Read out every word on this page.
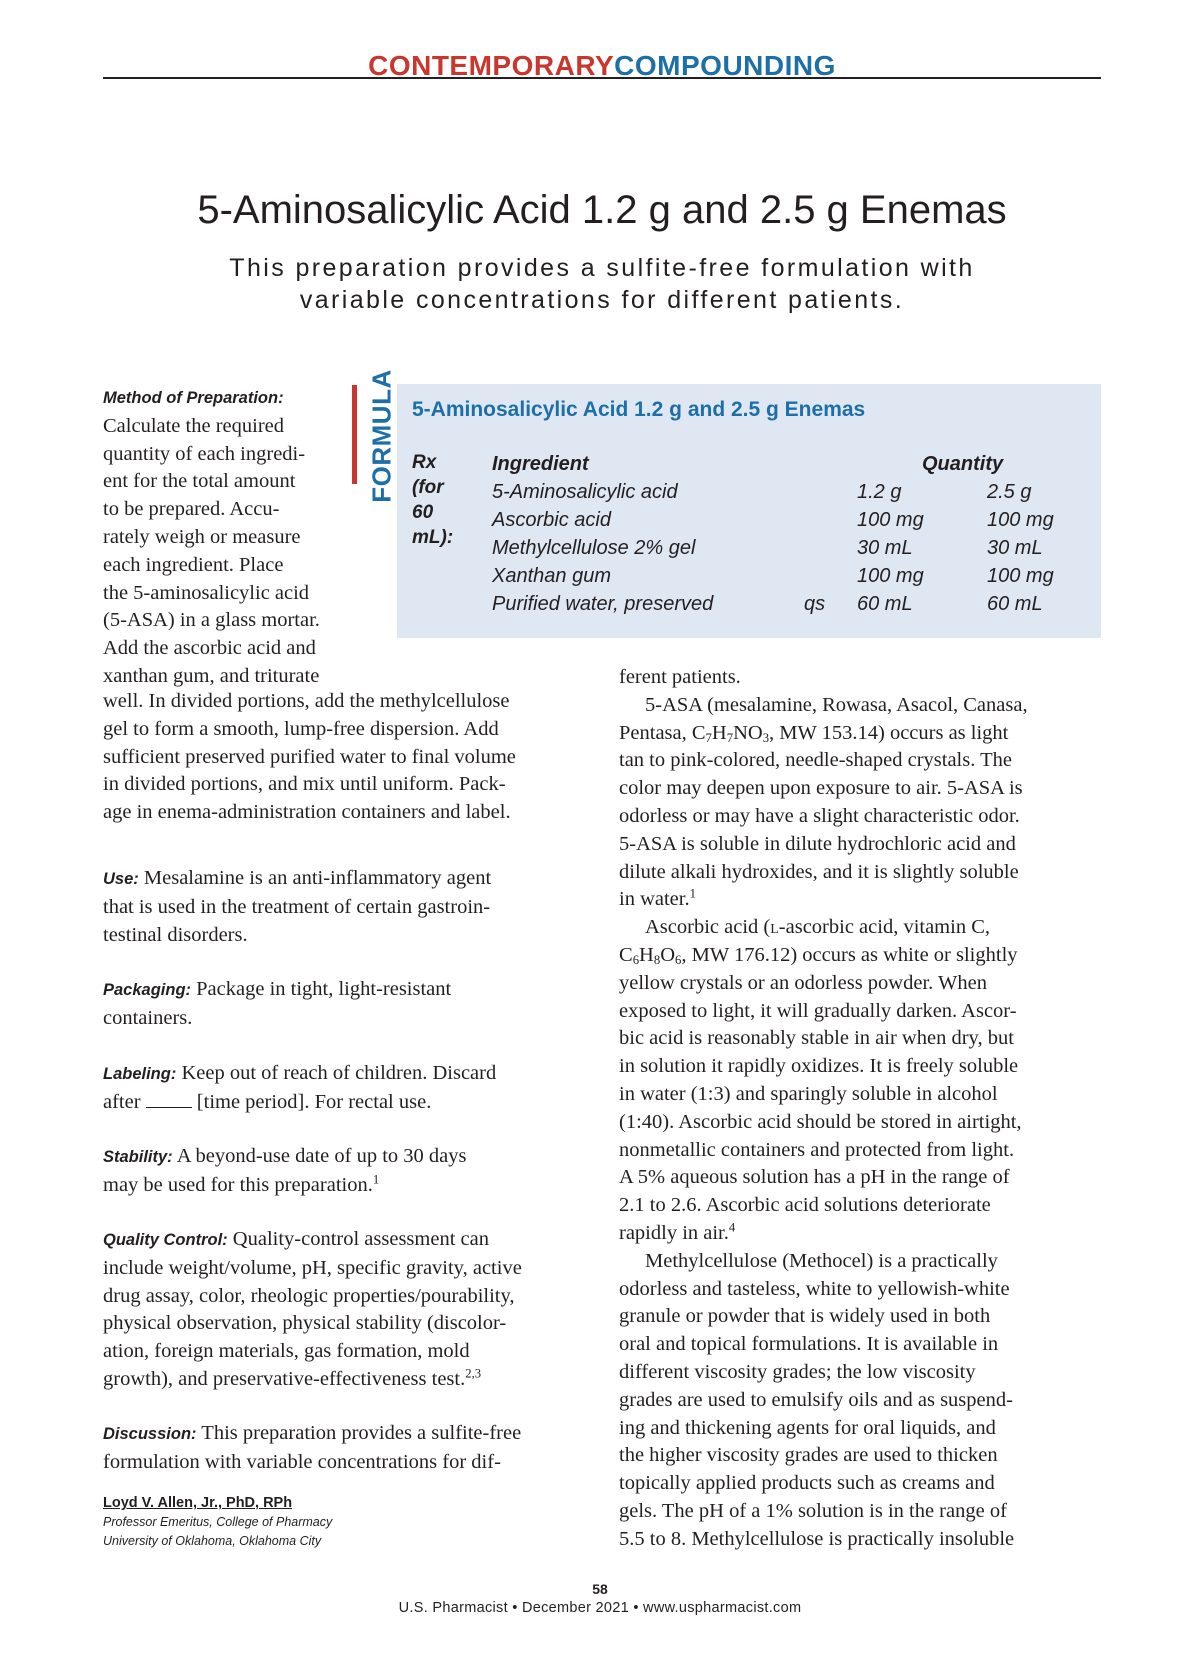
CONTEMPORARYCOMPOUNDING
5-Aminosalicylic Acid 1.2 g and 2.5 g Enemas
This preparation provides a sulfite-free formulation with
variable concentrations for different patients.
FORMULA 5-Aminosalicylic Acid 1.2 g and 2.5 g Enemas
Rx
(for
60
mL):
Ingredient	Quantity
5-Aminosalicylic acid	1.2 g	2.5 g
Ascorbic acid	100 mg	100 mg
Methylcellulose 2% gel	30 mL	30 mL
Xanthan gum	100 mg	100 mg
Purified water, preserved	qs 60 mL	60 mL
Method of Preparation:
Calculate the required
quantity of each ingredi-
ent for the total amount
to be prepared. Accu-
rately weigh or measure
each ingredient. Place
the 5-aminosalicylic acid
(5-ASA) in a glass mortar.
Add the ascorbic acid and
xanthan gum, and triturate
well. In divided portions, add the methylcellulose
gel to form a smooth, lump-free dispersion. Add
sufficient preserved purified water to final volume
in divided portions, and mix until uniform. Pack-
age in enema-administration containers and label.
Use: Mesalamine is an anti-inflammatory agent
that is used in the treatment of certain gastroin-
testinal disorders.
Packaging: Package in tight, light-resistant
containers.
Labeling: Keep out of reach of children. Discard
after	[time period]. For rectal use.
Stability: A beyond-use date of up to 30 days
may be used for this preparation.$^1$
Quality Control: Quality-control assessment can
include weight/volume, pH, specific gravity, active
drug assay, color, rheologic properties/pourability,
physical observation, physical stability (discolor-
ation, foreign materials, gas formation, mold
growth), and preservative-effectiveness test.$^{2,3}$
Discussion: This preparation provides a sulfite-free
formulation with variable concentrations for dif-
Loyd V. Allen, Jr., PhD, RPh
Professor Emeritus, College of Pharmacy
University of Oklahoma, Oklahoma City

ferent patients.

5-ASA (mesalamine, Rowasa, Asacol, Canasa,

Pentasa, $C_7H_7NO_3$, MW 153.14) occurs as light
tan to pink-colored, needle-shaped crystals. The
color may deepen upon exposure to air. 5-ASA is
odorless or may have a slight characteristic odor.
5-ASA is soluble in dilute hydrochloric acid and
dilute alkali hydroxides, and it is slightly soluble
in water.$^1$

Ascorbic acid (l-ascorbic acid, vitamin C,

$C_6H_8O_6$, MW 176.12) occurs as white or slightly
yellow crystals or an odorless powder. When
exposed to light, it will gradually darken. Ascor-
bic acid is reasonably stable in air when dry, but
in solution it rapidly oxidizes. It is freely soluble
in water (1:3) and sparingly soluble in alcohol
(1:40). Ascorbic acid should be stored in airtight,
nonmetallic containers and protected from light.
A 5% aqueous solution has a pH in the range of
2.1 to 2.6. Ascorbic acid solutions deteriorate
rapidly in air.$^4$

Methylcellulose (Methocel) is a practically

odorless and tasteless, white to yellowish-white
granule or powder that is widely used in both
oral and topical formulations. It is available in
different viscosity grades; the low viscosity
grades are used to emulsify oils and as suspend-
ing and thickening agents for oral liquids, and
the higher viscosity grades are used to thicken
topically applied products such as creams and
gels. The pH of a 1% solution is in the range of
5.5 to 8. Methylcellulose is practically insoluble
58
U.S. Pharmacist • December 2021 • www.uspharmacist.com
